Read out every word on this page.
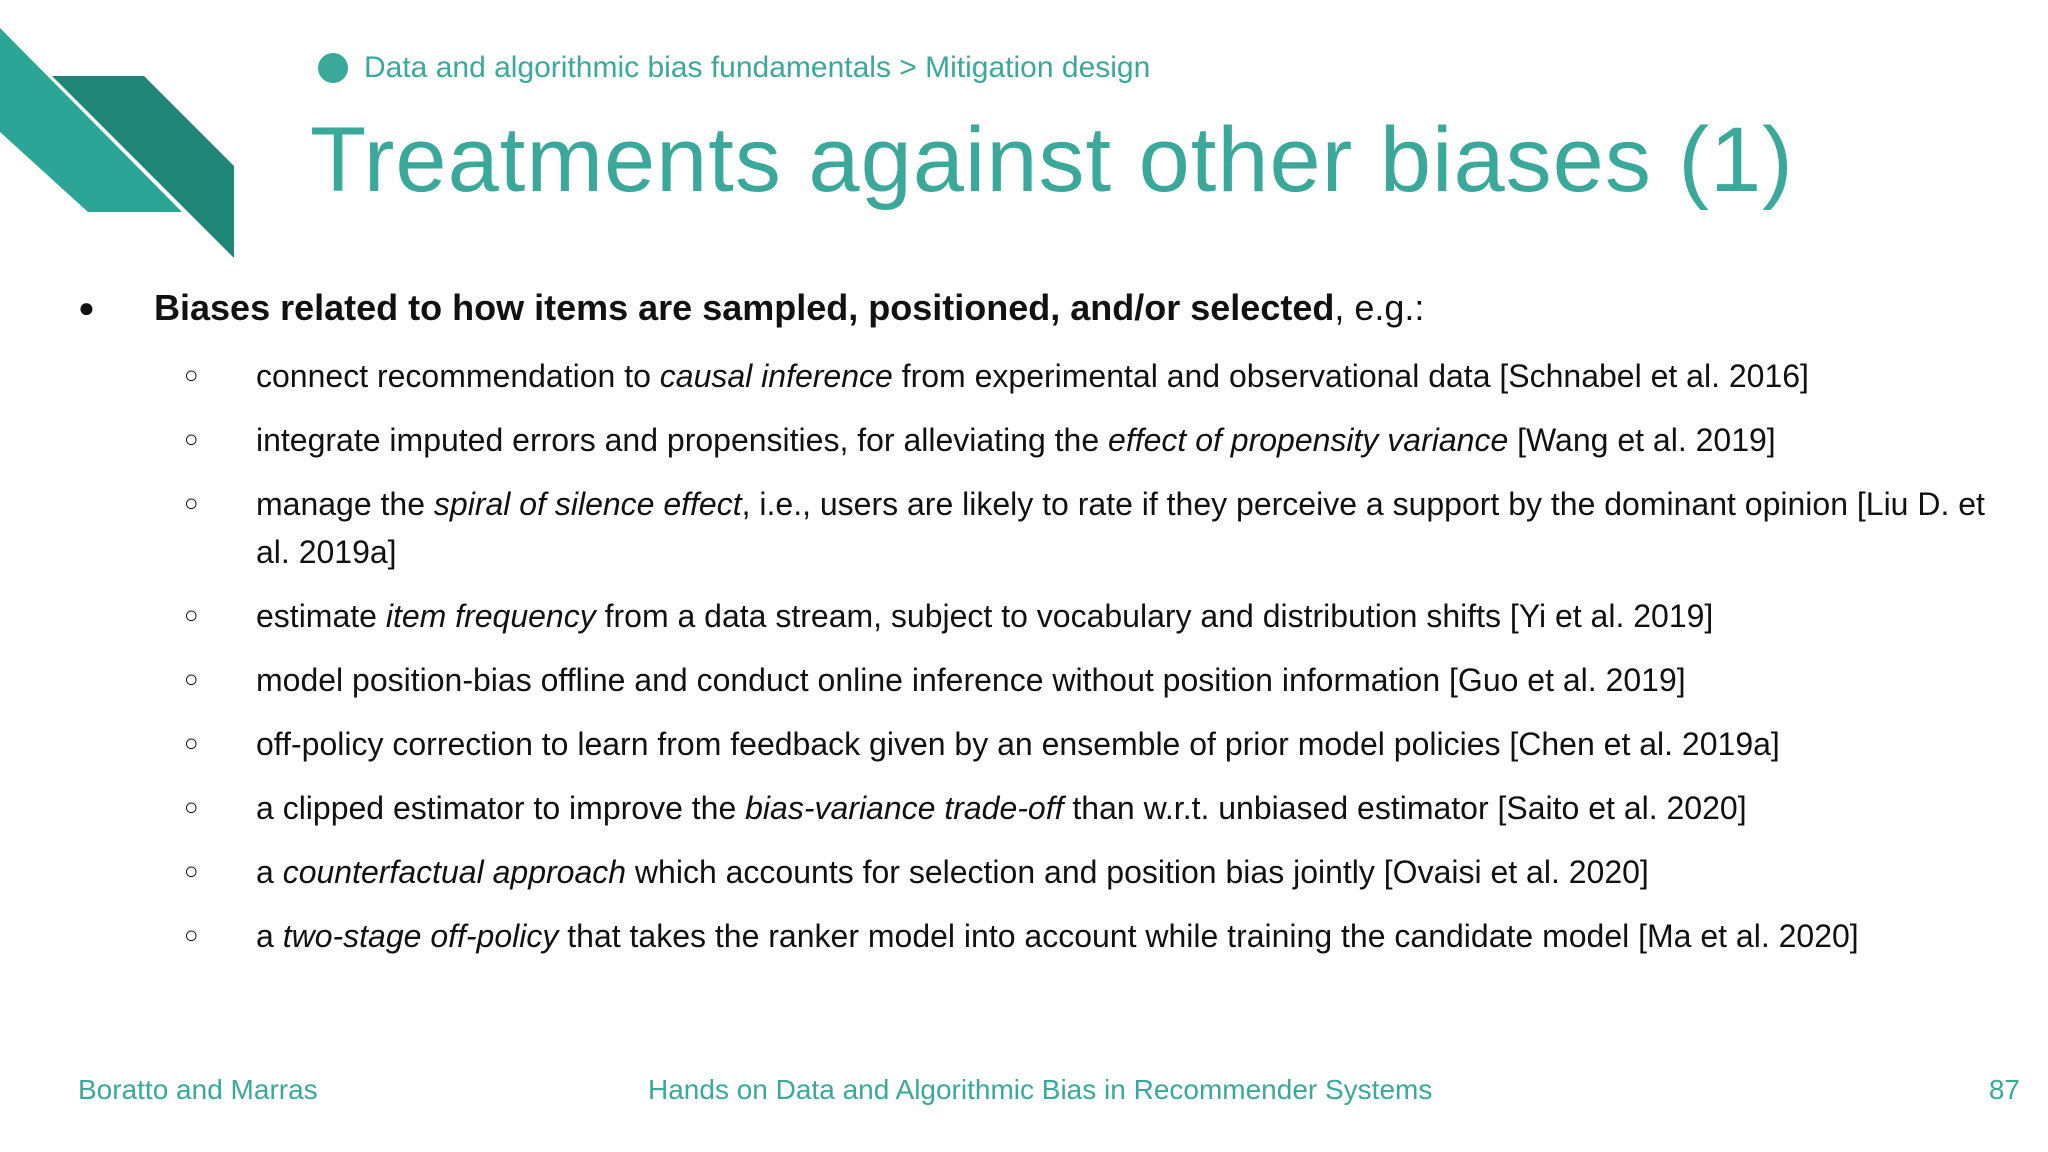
Data and algorithmic bias fundamentals > Mitigation design
Treatments against other biases (1)
● Biases related to how items are sampled, positioned, and/or selected, e.g.:
○ connect recommendation to causal inference from experimental and observational data [Schnabel et al. 2016]
○ integrate imputed errors and propensities, for alleviating the effect of propensity variance [Wang et al. 2019]
○ manage the spiral of silence effect, i.e., users are likely to rate if they perceive a support by the dominant opinion [Liu D. et al. 2019a]
○ estimate item frequency from a data stream, subject to vocabulary and distribution shifts [Yi et al. 2019]
○ model position-bias offline and conduct online inference without position information [Guo et al. 2019]
○ off-policy correction to learn from feedback given by an ensemble of prior model policies [Chen et al. 2019a]
○ a clipped estimator to improve the bias-variance trade-off than w.r.t. unbiased estimator [Saito et al. 2020]
○ a counterfactual approach which accounts for selection and position bias jointly [Ovaisi et al. 2020]
○ a two-stage off-policy that takes the ranker model into account while training the candidate model [Ma et al. 2020]
Boratto and Marras	Hands on Data and Algorithmic Bias in Recommender Systems	87
